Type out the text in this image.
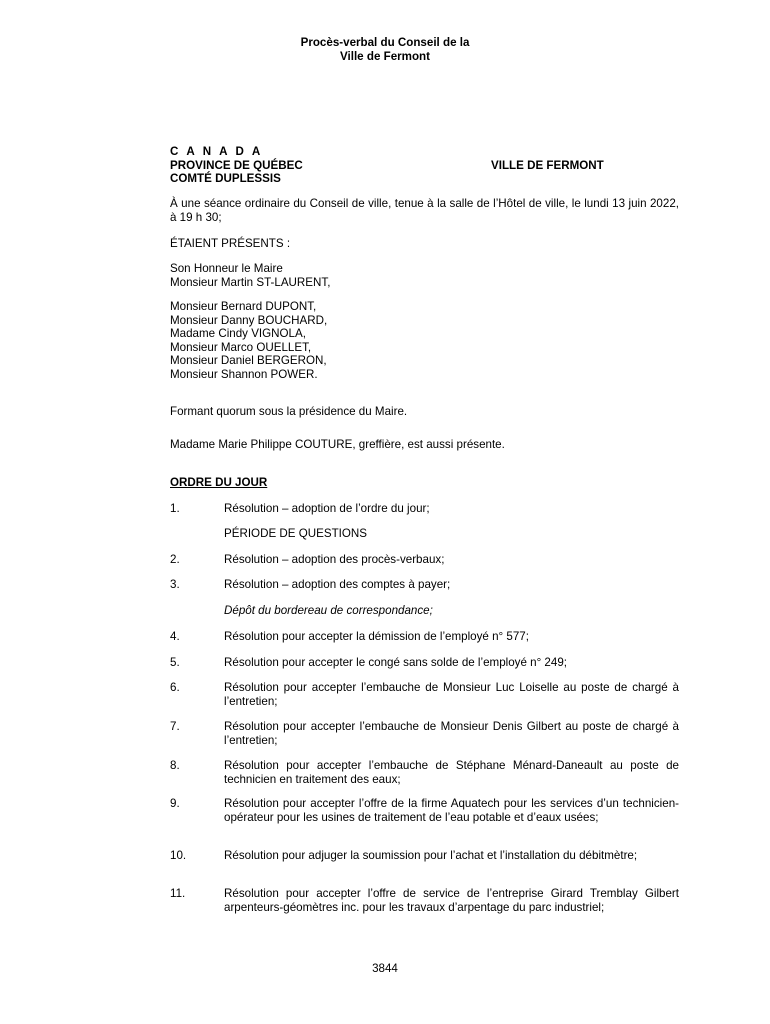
Procès-verbal du Conseil de la
Ville de Fermont
C A N A D A
PROVINCE DE QUÉBEC
COMTÉ DUPLESSIS
VILLE DE FERMONT
À une séance ordinaire du Conseil de ville, tenue à la salle de l’Hôtel de ville, le lundi 13 juin 2022, à 19 h 30;
ÉTAIENT PRÉSENTS :
Son Honneur le Maire
Monsieur Martin ST-LAURENT,
Monsieur Bernard DUPONT,
Monsieur Danny BOUCHARD,
Madame Cindy VIGNOLA,
Monsieur Marco OUELLET,
Monsieur Daniel BERGERON,
Monsieur Shannon POWER.
Formant quorum sous la présidence du Maire.
Madame Marie Philippe COUTURE, greffière, est aussi présente.
ORDRE DU JOUR
1.	Résolution – adoption de l’ordre du jour;
PÉRIODE DE QUESTIONS
2.	Résolution – adoption des procès-verbaux;
3.	Résolution – adoption des comptes à payer;
Dépôt du bordereau de correspondance;
4.	Résolution pour accepter la démission de l’employé n° 577;
5.	Résolution pour accepter le congé sans solde de l’employé n° 249;
6.	Résolution pour accepter l’embauche de Monsieur Luc Loiselle au poste de chargé à l’entretien;
7.	Résolution pour accepter l’embauche de Monsieur Denis Gilbert au poste de chargé à l’entretien;
8.	Résolution pour accepter l’embauche de Stéphane Ménard-Daneault au poste de technicien en traitement des eaux;
9.	Résolution pour accepter l’offre de la firme Aquatech pour les services d’un technicien-opérateur pour les usines de traitement de l’eau potable et d’eaux usées;
10.	Résolution pour adjuger la soumission pour l’achat et l’installation du débitmètre;
11.	Résolution pour accepter l’offre de service de l’entreprise Girard Tremblay Gilbert arpenteurs-géomètres inc. pour les travaux d’arpentage du parc industriel;
3844
